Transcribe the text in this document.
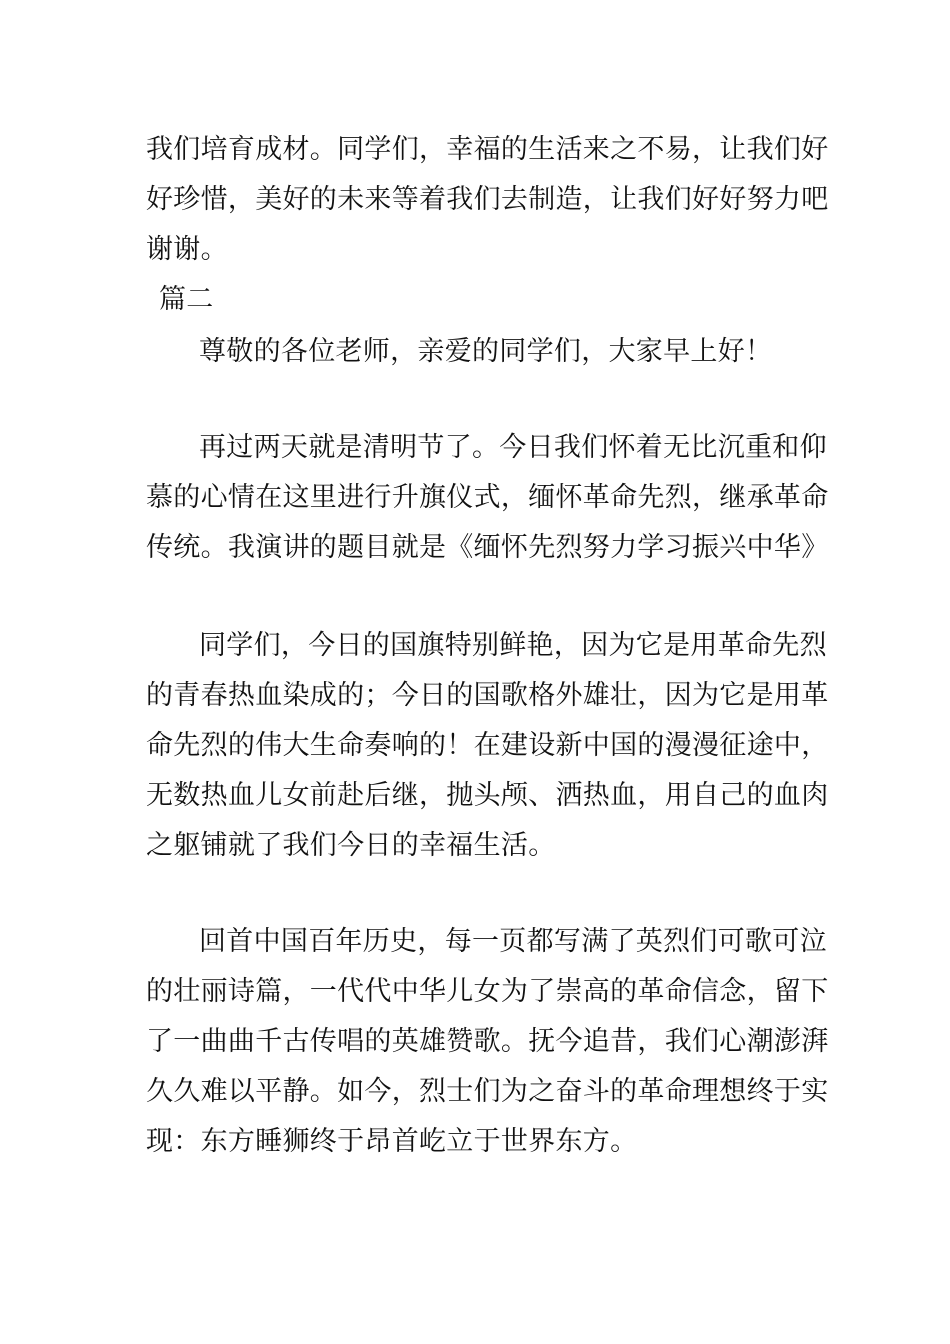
我们培育成材。同学们，幸福的生活来之不易，让我们好
好珍惜，美好的未来等着我们去制造，让我们好好努力吧
谢谢。
篇二
尊敬的各位老师，亲爱的同学们，大家早上好！
再过两天就是清明节了。今日我们怀着无比沉重和仰
慕的心情在这里进行升旗仪式，缅怀革命先烈，继承革命
传统。我演讲的题目就是《缅怀先烈努力学习振兴中华》
同学们，今日的国旗特别鲜艳，因为它是用革命先烈
的青春热血染成的；今日的国歌格外雄壮，因为它是用革
命先烈的伟大生命奏响的！在建设新中国的漫漫征途中，
无数热血儿女前赴后继，抛头颅、洒热血，用自己的血肉
之躯铺就了我们今日的幸福生活。
回首中国百年历史，每一页都写满了英烈们可歌可泣
的壮丽诗篇，一代代中华儿女为了崇高的革命信念，留下
了一曲曲千古传唱的英雄赞歌。抚今追昔，我们心潮澎湃
久久难以平静。如今，烈士们为之奋斗的革命理想终于实
现：东方睡狮终于昂首屹立于世界东方。
